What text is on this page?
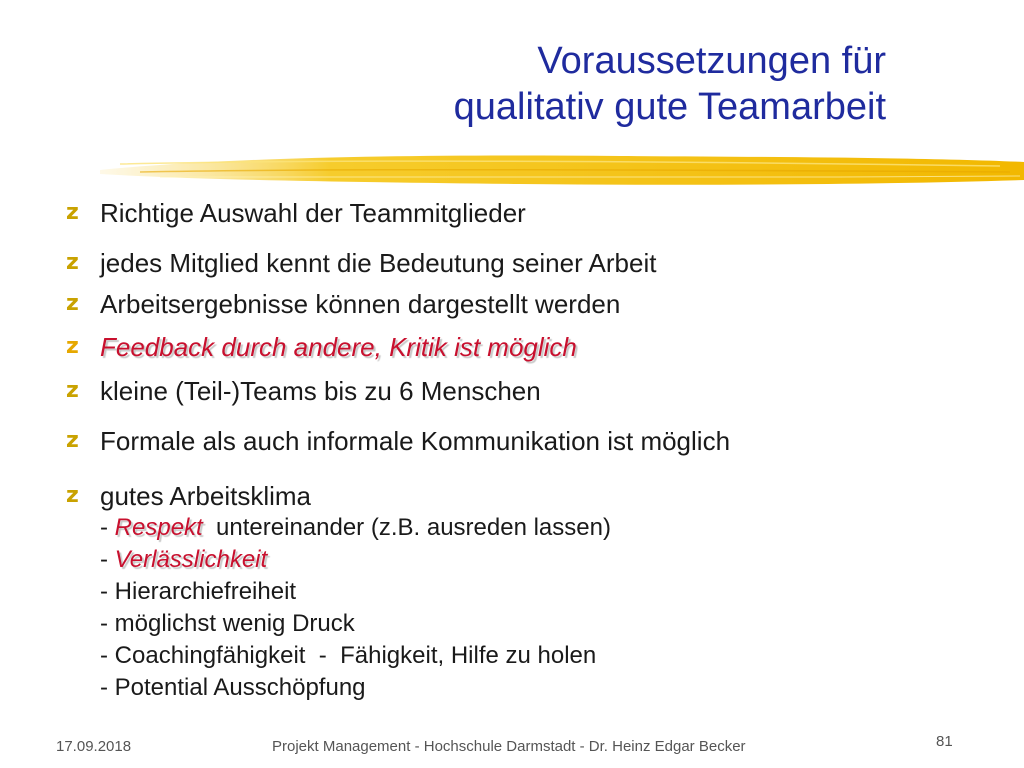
Voraussetzungen für
qualitativ gute Teamarbeit
z Richtige Auswahl der Teammitglieder
z jedes Mitglied kennt die Bedeutung seiner Arbeit
z Arbeitsergebnisse können dargestellt werden
z Feedback durch andere, Kritik ist möglich
z kleine (Teil-)Teams bis zu 6 Menschen
z Formale als auch informale Kommunikation ist möglich
z gutes Arbeitsklima
- Respekt  untereinander (z.B. ausreden lassen)
- Verlässlichkeit
- Hierarchiefreiheit
- möglichst wenig Druck
- Coachingfähigkeit  -  Fähigkeit, Hilfe zu holen
- Potential Ausschöpfung
17.09.2018	Projekt Management - Hochschule Darmstadt - Dr. Heinz Edgar Becker	81
